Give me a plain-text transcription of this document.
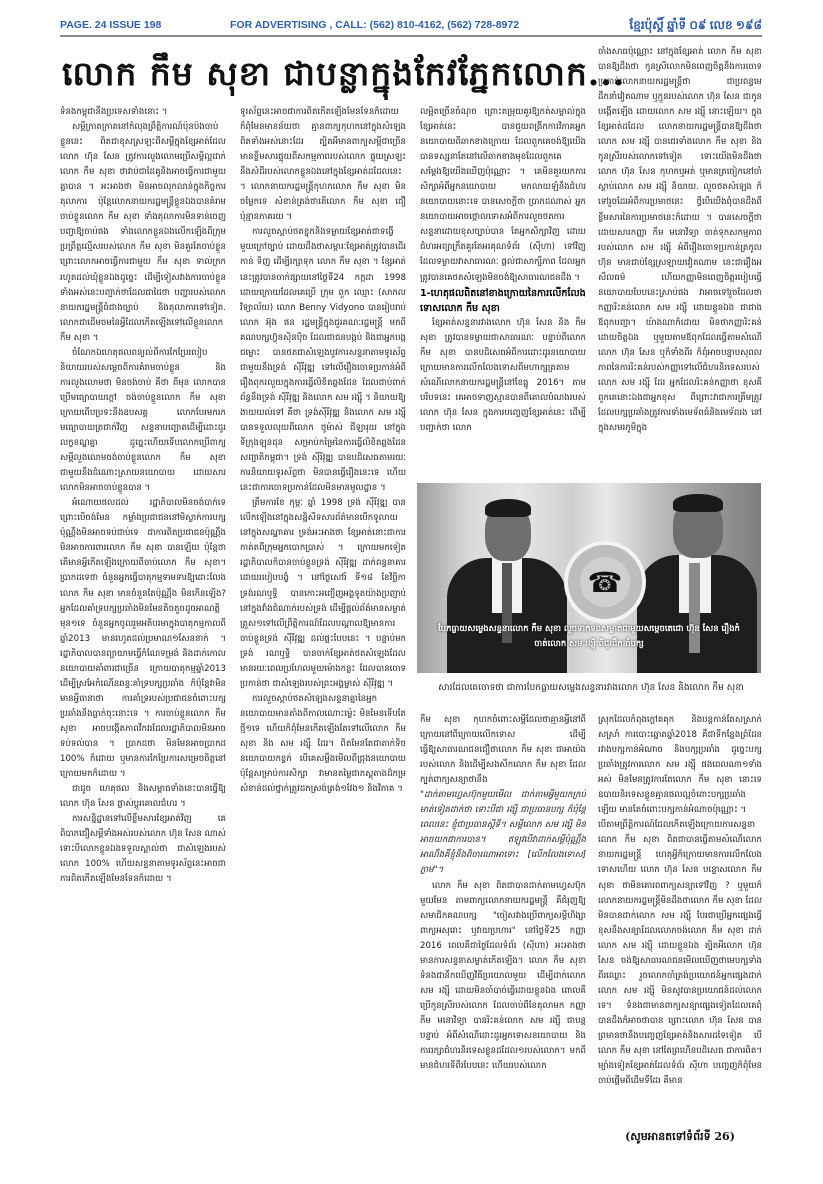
PAGE. 24 ISSUE 198	FOR ADVERTISING , CALL: (562) 810-4162, (562) 728-8972	ខ្មែរប៉ុស្តិ៍ ឆ្នាំទី ០៩ លេខ ១៩៨
លោក កឹម សុខា ជាបន្លាក្នុងកែវភ្នែកលោក...

ទំនងកម្ពុជានឹងប្រទេសទាំងនោះ ។

សម្ដីក្រាតក្រាតនៅកំលុងព្រឹត្តិការណ៍ប៉ុនប៉ងចាប់ខ្លួននេះ ពិតជាខុសស្រឡះពីសម្ដីក្នុងខ្សែអាត់ដែលលោក ហ៊ុន សែន ត្រូវការលួងលោមប្រើសម្ដីល្អដាក់លោក កឹម សុខា ថាវាប់ជាដៃគូនិងអាចធ្វើការជាមួយគ្នាបាន ។ អះអាងថា មិនអាចលុកលាន់ក្នុងកិច្ចការតុលាការ ប៉ុន្តែលោកនាយករដ្ឋមន្ត្រីខ្លួនឯងបានគំរាមចាប់ខ្លួនលោក កឹម សុខា ទាំងតុលាការមិនទាន់ចេញបញ្ជាឱ្យចាប់ផង ទាំងលោកខ្លួនឯងលើកឡើងពីក្រុមប្រព្រឹត្តល្មើសរបស់លោក កឹម សុខា មិនគួរតែចាប់ខ្លួន ព្រោះលោកអាចធ្វើការជាមួយ កឹម សុខា ទាល់ក្រករហូតដល់ឃុំខ្លួនឯងដូច្នេះ ដើម្បីទៀសវាងការចាប់ខ្លួនទាំងអស់នេះបញ្ជាក់ថាដែលជាដៃថា បញ្ហារបស់លោកនាយករដ្ឋមន្ត្រីធំជាងច្បាប់ និងតុលាការទៅទៀត. លោកជាដើមចមនៃអ្វីដែលកើតឡើងទៅលើខ្លួនលោក កឹម សុខា ។

ចំណែកឯហេតុផលពន្យល់ពីការកែប្រែរបៀបនិយាយរបស់សម្ដេចពីការគំរាមចាប់ខ្លួន និងការលួងលោមថា មិនចង់ចាប់ គឺថា ពីមុន លោកបានប្រើមធ្យោបាយក្ដៅ ចង់ចាប់ខ្លួនលោក កឹម សុខា ក្រោយពើបប្រទះនឹងឧបសគ្គ លោកបែរមករកមធ្យោបាយត្រជាក់វិញ សន្ទនាបញ្ឆោតដើម្បីដោះដូរលក្ខខណ្ឌគ្នា ដូច្នេះហើយទើបលោកប្រើពាក្យសម្ដីលួងលោមចង់ចាប់ខ្លួនលោក កឹម សុខា ជាមួយនឹងដំណោះស្រាយនយោបាយ ដោយសារលោកមិនអាចចាប់ខ្លួនបាន ។

អំណោយផលដល់ រដ្ឋាភិបាលមិនចង់បាក់ទេ ព្រោះបើចង់មែន កម្លាំងប្រជាជននៅមិស្លាក់ការបក្សប៉ុណ្ណឹងមិនអាចទប់ជាប់ទេ ជាការពិតប្រជាជនប៉ុណ្ណឹងមិនអាចការពារលោក កឹម សុខា បានឡើយ ប៉ុន្តែថាតើមានអ្វីកើតឡើងក្រោយពីចាប់លោក កឹម សុខា។ ប្រាកដទេថា ចំនួនអ្នកធ្វើបាតុកម្មទាមទារឱ្យដោះលែងលោក កឹម សុខា មានចំនួនតែប៉ុណ្ណឹង មិនកើនឡើង? អ្នកដែលគាំទ្របក្សប្រឆាំងមិនមែនតិចតួចដូចអាណត្តិមុន១ទេ ចំនួនអ្នកចូលរួមអតិបរមាក្នុងបាតុកម្មកាលពីឆ្នាំ2013 មានរហូតដល់ប្រមាណ១សែននាក់ ។ រដ្ឋាភិបាលបានព្យាយាមធ្វើកំណែទម្រង់ និងដាក់កោលនយោបាយគាំពារជាច្រើន ក្រោយបាតុកម្មឆ្នាំ2013 ដើម្បីស្រអែកំណើនឆន្ទៈគាំទ្របក្សប្រឆាំង ក៏ប៉ុន្តែវាមិនមានអ្វីធានាថា ការគាំទ្ររបស់ប្រជាជនចំពោះបក្សប្រឆាំងនឹងធ្លាក់ចុះនោះទេ ។ ការចាប់ខ្លួនលោក កឹម សុខា អាចបង្កើតភាពវឹកវរដែលរដ្ឋាភិបាលមិនអាចទប់ទល់បាន ។ ប្រាកដថា មិនមែនអាចប្រាកដ 100% ក៏ដោយ ឬមានការកែប្រែការសម្រេចចិត្តនៅក្រោយមកក៏ដោយ ។

ជាដូច ហេតុផល និងសម្ពាធទាំងនេះបានធ្វើឱ្យលោក ហ៊ុន សែន ផ្លាស់ប្ដូរគោលជំហរ ។

ការសន្និដ្ឋានទៅលើខ្លឹមសារខ្សែអាត់វិញ គេពិបាកជឿសម្ដីទាំងអស់របស់លោក ហ៊ុន សែន ណាស់ ទោះបីលោកខ្លួនឯងទទួលស្គាល់ថា ជាសំឡេងរបស់លោក 100% ហើយសន្ទនាតាមទូរស័ព្ទនេះអាចជាការពិតកើតឡើងមែនទែនក៏ដោយ ។

ទូរស័ព្ទនេះអាចជាការពិតកើតឡើងមែនទែនក៏ដោយ ក៏ពុំមែនមានន័យថា គ្មានពាក្យកុហកនៅក្នុងសំឡេងពិតទាំងអស់នោះដែរ ត្បិតអីមានពាក្យសម្ដីជាច្រើនមានខ្លឹមសារផ្ទុយពីសកម្មភាពរបស់លោក ផ្ទុយស្រឡះនឹងសំដីរបស់លោកខ្លួនឯងនៅក្នុងខ្សែអាត់ដដែលនេះ ។ លោកនាយករដ្ឋមន្ត្រីកុហកលោក កឹម សុខា មិនចម្លែកទេ សំខាន់ត្រង់ថាតើលោក កឹម សុខា ជឿប៉ុន្មានភាគរយ ។

ការលួចស្ដាប់ថតខ្ចុកនិងទម្លាយខ្សែអាត់ជាទង្វើមួយក្រៅច្បាប់ ដោយដឹងថាសម្ភារៈខ្សែអាត់ត្រូវបានដើរកាន់ ទិញ ដើម្បីរក្សាទុក លោក កឹម សុខា ។ ខ្សែអាត់នេះត្រូវបានចាក់ផ្សាយនៅថ្ងៃទី24 កក្កដា 1998 ដោយក្រោយដែលគេប្រើ ក្រុម ពួក ឈ្មោះ (សាកលវិទ្យាល័យ) លោក Benny Vidyono បានរៀបរាប់ លោក អ៊ុង ផន រដ្ឋមន្ត្រីក្នុងជួរគណៈរដ្ឋមន្ត្រី មកពីគណបក្សហ៊្វុនស៊ិនប៉ិច ដែលជាជនបង្កប់ និងជាអ្នកបង្កជម្លោះ បានថតជាសំឡេងបូវការសន្ទនាតាមទូរស័ព្ទជាមួយនឹងទ្រង់ ស៊ីរីវុឌ្ឍ ទៅលើរឿងចោទប្រកាន់អំពីរឿងពុករលួយក្នុងការធ្វើលិខិតឆ្លងដែន ដែលជាប់ពាក់ព័ន្ធនឹងទ្រង់ ស៊ីរីវុឌ្ឍ និងលោក សម រង្ស៊ី ។ និយាយឱ្យងាយយល់ទៅ គឺថា ទ្រង់ស៊ីរីវុឌ្ឍ និងលោក សម រង្ស៊ី បានទទួលលុយពីលោក ថូម៉ាស់ ជីឡារុយ នៅក្នុងទីក្រុងឡុនដុន សម្រាប់កម្រៃនៃការធ្វើលិខិតឆ្លងដែនសញ្ជាតិកម្ពុជា។ ទ្រង់ ស៊ីរីវុឌ្ឍ បានបដិសេធតាមរយៈការនិយាយទូរស័ព្ទថា មិនបានធ្វើរឿងនេះទេ ហើយនេះជាការចោទប្រកាន់ដែលមិនមានមូលដ្ឋាន ។

ត្រឹមការខែ កុម្ភៈ ឆ្នាំ 1998 ទ្រង់ ស៊ីរីវុឌ្ឍ បានលើកឡើងនៅក្នុងសន្និសីទសារព័ត៌មានបើកទូលាយនៅក្នុងសណ្ឋាគារ ទ្រង់អះអាងថា ខ្សែអាត់នោះជាការកាត់តពីក្រុមអ្នកបោកប្រាស់ ។ ក្រោយមកទៀត រដ្ឋាភិបាលក៏បានចាប់ខ្លួនទ្រង់ ស៊ីរីវុឌ្ឍ ដាក់ពន្ធនាគារដោយរបៀបបង្ខំ ។ នៅថ្ងៃសៅរ៍ ទី១៨ ខែវិច្ឆិកា ទ្រង់រណឬទ្ធិ បានកោះអញ្ជើញអង្គទូតយ៉ាងប្រញាប់នៅក្នុងវាំងជំណាក់របស់ទ្រង់ ដើម្បីផ្ដល់ព័ត៌មានសម្ងាត់ត្រួស១ទៅលើព្រឹត្តិការណ៍ដែលបណ្ដាលឱ្យមានការចាប់ខ្លួនទ្រង់ ស៊ីរីវុឌ្ឍ ដល់ផ្ទះបែបនេះ ។ បន្ទាប់មក ទ្រង់ រណឬទ្ធិ បានចាក់ខ្សែអាត់ថតសំឡេងដែលមានរយៈពេលប្រហែលមួយម៉ោងកន្លះ ដែលបានចោទប្រកាន់ថា ជាសំឡេងរបស់ព្រះអង្គម្ចាស់ ស៊ីរីវុឌ្ឍ ។

ការលួចស្ដាប់ថតសំឡេងសន្ទនាគ្នានៃអ្នកនយោបាយមានតាំងពីកាលណោះម្ល៉េះ មិនមែនទើបតែថ្មី១ទេ ហើយក៏ពុំមែនកើតឡើងតែទៅលើលោក កឹម សុខា និង សម រង្ស៊ី ដែរ។ ពិតមែនតែជាតាក់ទិចនយោបាយកខ្វក់ បើគេសម្លឹងមើលពីជ្រុងនយោបាយ ប៉ុន្តែសម្រាប់ការសិក្សា វាមានតម្លៃជាភស្តុតាងដ៏កម្រ សំខាន់ដល់ថ្នាក់ត្រូវដកស្រង់ត្រង់១វែង១ និងវិភាគ ។

លម្អិតច្រើនចំណុច ព្រោះតម្រុយគួរឱ្យកត់សម្គាល់ក្នុងខ្សែអាត់នេះ បានជួយពង្រីកការវិភាគអ្នកនយោបាយពីឆាកខាងក្រោយ ដែលពួកគេចង់ឱ្យយើងបានទស្សនាតែនៅលើឆាកខាងមុខដែលពួកគេសម្ដែងឱ្យយើងឃើញប៉ុណ្ណោះ ។ គេមិនគួរយកការសិក្សាអំពីអ្នកនយោបាយ មកលាយឡំនឹងជំហរនយោបាយនោះទេ បានសេចក្ដីថា ប្រាកដណាស់ អ្នកនយោបាយអាចថ្កោលទោសអំពីការលួចថតការសន្ទនាដោយខុសច្បាប់បាន តែអ្នកសិក្សាវិញ ដោយជំហរអព្យាក្រឹតគួរតែអរគុណទំព័រ (ស៊ីហា) ទៅវិញ ដែលទម្លាយវាសាធារណៈ ផ្ដល់ជាសាក្សីភាព ដែលអ្នកត្រូវបានគេថតសំឡេងមិនចង់ឱ្យសាធារណជនដឹង ។

1-ហេតុផលពិតនៅខាងក្រោយនៃការលើកលែងទោសលោក កឹម សុខា

ខ្សែអាត់សន្ទនារវាងលោក ហ៊ុន សែន និង កឹម សុខា ត្រូវបានទម្លាយជាសាធារណៈ បន្ទាប់ពីលោក កឹម សុខា បានបដិសេធអំពីការដោះដូរនយោបាយ ក្រោយមានការលើកលែងទោសពីមហាក្សត្រតាមសំណើលោកនាយករដ្ឋមន្ត្រីនៅខែធ្នូ 2016។ តាមបរិបទនេះ គេអាចទាញស្មានបានពីគោលបំណងរបស់លោក ហ៊ុន សែន ក្នុងការបញ្ចេញខ្សែអាត់នេះ ដើម្បីបញ្ជាក់ថា លោក

ចាំងសាធប៉ុណ្ណោះ នៅក្នុងខ្សែអាត់ លោក កឹម សុខា បានឱ្យដឹងថា កូនស្រីលោកមិនពេញចិត្តនឹងការចោទប្រកាន់លោកនាយករដ្ឋមន្ត្រីថា ជាប្រពន្ធមេដឹកនាំវៀតណាម ឬក្មួនរបស់លោក ហ៊ុន សែន ជាកូនបង្កើតឡើង ដោយលោក សម រង្ស៊ី នោះឡើយ។ ក្នុងខ្សែអាត់ដដែល លោកនាយករដ្ឋមន្ត្រីបានឱ្យដឹងថា លោក សម រង្ស៊ី បានជេរទាំងលោក កឹម សុខា និងកូនស្រីរបស់លោកទៅទៀត ទោះយើងមិនដឹងថាលោក ហ៊ុន សែន កុហកឬអត់ ឬមានត្រចៀកនៅចាំស្ដាប់លោក សម រង្ស៊ី និយាយ. លួចថតសំឡេង ក៏ទៅរួចដែរអំពីការប្រមាថនេះ ថ្វីបើយើងពុំបានដឹងពីខ្លឹមសារនៃការប្រមាថនេះក៏ដោយ ។ បានសេចក្ដីថា ដោយសារកញ្ញា កឹម មនោវិទ្យា ចាត់ទុកសកម្មភាពរបស់លោក សម រង្ស៊ី អំពីរឿងចោទប្រកាន់ត្រកូលហ៊ុន មានជាប់ខ្សែស្រឡាយវៀតណាម នេះជារឿងអសីលធម៌ ហើយកញ្ញាមិនពេញចិត្តរបៀបធ្វើនយោបាយបែបនេះស្រាប់ផង វាអាចទៅរួចដែលថា កញ្ញារិះគន់លោក សម រង្ស៊ី ដោយខ្លួនឯង ជាជាងឪពុកបញ្ជា។ យ៉ាងណាក៏ដោយ មិនថាកញ្ញារិះគន់ដោយចិត្តឯង ឬមួយតាមឪពុកដែលធ្វើតាមសំណើលោក ហ៊ុន សែន ឬក៏ទាំងពីរ ក៏ពុំអាចបន្ទាបសុពលភាពនៃការរិះគន់របស់កញ្ញាទៅលើជំហរនិរទេសរបស់លោក សម រង្ស៊ី ដែរ អ្នកដែលរិះគន់កញ្ញាថា ខុសគឺពួកគេនោះឯងជាអ្នកខុស ពីព្រោះវាជាការត្រឹមត្រូវដែលបក្សប្រឆាំងត្រូវការទាំងមេទ័ពធំនិងមេទ័ពរង នៅក្នុងសមរភូមិក្នុង

☎
បែកធ្លាយសម្លេងសន្ទនាលោក កឹម សុខា លួចទាក់ទងសម្ងាត់ជាមួយសម្ដេចតេជោ ហ៊ុន សែន រឿងកំចាត់លោក សម រង្ស៊ី ពីជួរដឹកនាំបក្ស
សារដែលគេចោទថា ជាការបែកធ្លាយសម្លេងសន្ទនារវាងលោក ហ៊ុន សែន និងលោក កឹម សុខា

កឹម សុខា កុហកចំពោះសម្ដីដែលថាគ្មានអ្វីនៅពីក្រោយនៅពីក្រោយលើកទោស ដើម្បីធ្វើឱ្យសាធារណជនជឿថាលោក កឹម សុខា ជាអាយ៉ងរបស់លោក និងដើម្បីសងសឹកលោក កឹម សុខា ដែលក្បត់ពាក្យសន្យាថានឹង

"ដាក់តាមហ្វេសប៊ុកមួយមើល ដាក់តាមអ្វីមួយកក្រប់មាត់ទៀតដាក់ថា ទោះបីជា រង្ស៊ី ជាប្រធានបក្ស ក៏ប៉ុន្តែពេលនេះ ខ្ញុំជាប្រធានស្ដីទី។ សម្ដីលោក សម រង្ស៊ី មិនអាចយកជាការបាន។ ឥឡូវបើវាដាក់សម្ដីប៉ុណ្ណឹង អាណឹងគឺខ្ញុំនឹងពិចារណាអាទោះ [លើកលែងទោស] ភ្លាម"។

លោក កឹម សុខា ពិតជាបានដាក់តាមហ្វេសប៊ុកមួយមែន តាមពាក្យលោកនាយករដ្ឋមន្ត្រី គឺជំរុញឱ្យសមាជិកគណបក្ស "ចៀសវាងប្រើពាក្យសម្ដីហិង្សា ពាក្យអសុរោះ ឬវាយប្រហារ" នៅថ្ងៃទី25 កញ្ញា 2016 ពេលគឺជាថ្ងៃដែលទំព័រ (ស៊ីហា) អះអាងថា មានការសន្ទនាសម្ងាត់កើតឡើង។ លោក កឹម សុខា ទំនងជានឹកឃើញវិធីប្រយោលមួយ ដើម្បីដាក់លោក សម រង្ស៊ី ដោយមិនចាំបាច់ធ្វើដោយខ្លួនឯង ពោលគឺប្រើកូនស្រីរបស់លោក ដែលចាប់ពីខែតុលាមក កញ្ញា កឹម មនោវិទ្យា បានរិះគន់លោក សម រង្ស៊ី ជាបន្តបន្ទាប់ អំពីសំណើដោះដូរអ្នកទោសនយោបាយ និងការរក្សាជំហរនិរទេសខ្លួនដដែល១របស់លោក។ មកពីមានជំហរទីពីរបែបនេះ ហើយរបស់លោក

ស្រុកដែលកំពុងក្ដៅគគុក និងបន្តកាន់តែសស្រាក់សស្រាំ ការបោះឆ្នោតឆ្នាំ2018 គឺជាទីកន្លែងព្រំដែនរវាងបក្សកាន់អំណាច និងបក្សប្រឆាំង ដូច្នេះបក្សប្រឆាំងត្រូវការលោក សម រង្ស៊ី ផងពេលណា១ទាំងអស់ មិនមែនត្រូវការតែលោក កឹម សុខា នោះទេ ឧបាយនិរទេសខ្លួនគ្មានផលល្អចំពោះបក្សប្រឆាំងឡើយ មានតែចំពោះបក្សកាន់អំណាចប៉ុណ្ណោះ ។

បើតាមព្រឹត្តិការណ៍ដែលកើតឡើងក្រោយការសន្ទនា លោក កឹម សុខា ពិតជាបានធ្វើតាមសំណើលោកនាយករដ្ឋមន្ត្រី ហេតុអ្វីក៏ក្រោយមានការលើកលែងទោសហើយ លោក ហ៊ុន សែន បន្ទោសលោក កឹម សុខា ថាមិនគោរពពាក្យសន្យាទៅវិញ ? ឬមួយក៏លោកនាយករដ្ឋមន្ត្រីមិនដឹងថាលោក កឹម សុខា ដែលមិនបានដាក់លោក សម រង្ស៊ី បែរជាប្រើអ្នកផ្សេងធ្វើខុសនឹងសន្យាដែលលោកចង់លោក កឹម សុខា ដាក់លោក សម រង្ស៊ី ដោយខ្លួនឯង ត្បិតអីលោក ហ៊ុន សែន ចង់ឱ្យសាធារណជនមើលឃើញថាមេបក្សទាំងពីរឈ្លោះ រួចលោកចាំត្រង់ប្រយោជន៍អ្នកផ្សេងដាក់លោក សម រង្ស៊ី មិនសូវបានប្រយោជន៍ដល់លោកទេ។ ទំនងជាមានពាក្យសន្យាផ្សេងទៀតដែលគេពុំបានដឹងក៏អាចថាបាន ព្រោះលោក ហ៊ុន សែន បានព្រមានថានឹងបញ្ចេញខ្សែអាត់និងសារដទៃទៀត បើលោក កឹម សុខា នៅតែព្រហើនបដិសេធ ជាការពិត។ ម្យ៉ាងទៀតខ្សែអាត់ដែលទំព័រ ស៊ីហា បញ្ចេញក៏ពុំមែនចាប់ផ្ដើមពីដើមទីដែរ គឺមាន

(សូមអានតទៅទំព័រទី 26)
